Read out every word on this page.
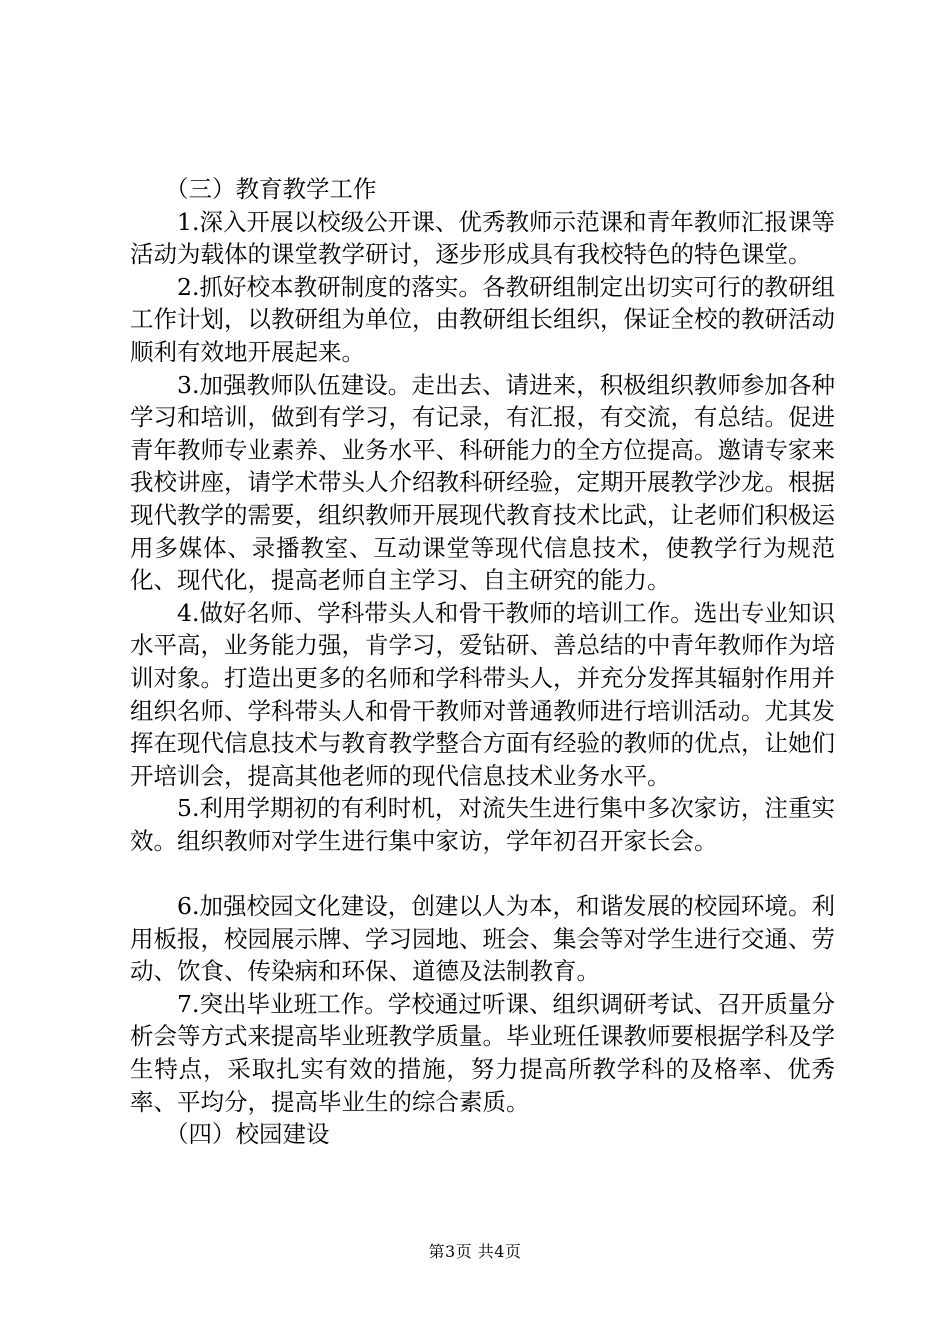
（三）教育教学工作

1.深入开展以校级公开课、优秀教师示范课和青年教师汇报课等活动为载体的课堂教学研讨，逐步形成具有我校特色的特色课堂。

2.抓好校本教研制度的落实。各教研组制定出切实可行的教研组工作计划，以教研组为单位，由教研组长组织，保证全校的教研活动顺利有效地开展起来。

3.加强教师队伍建设。走出去、请进来，积极组织教师参加各种学习和培训，做到有学习，有记录，有汇报，有交流，有总结。促进青年教师专业素养、业务水平、科研能力的全方位提高。邀请专家来我校讲座，请学术带头人介绍教科研经验，定期开展教学沙龙。根据现代教学的需要，组织教师开展现代教育技术比武，让老师们积极运用多媒体、录播教室、互动课堂等现代信息技术，使教学行为规范化、现代化，提高老师自主学习、自主研究的能力。

4.做好名师、学科带头人和骨干教师的培训工作。选出专业知识水平高，业务能力强，肯学习，爱钻研、善总结的中青年教师作为培训对象。打造出更多的名师和学科带头人，并充分发挥其辐射作用并组织名师、学科带头人和骨干教师对普通教师进行培训活动。尤其发挥在现代信息技术与教育教学整合方面有经验的教师的优点，让她们开培训会，提高其他老师的现代信息技术业务水平。

5.利用学期初的有利时机，对流失生进行集中多次家访，注重实效。组织教师对学生进行集中家访，学年初召开家长会。

6.加强校园文化建设，创建以人为本，和谐发展的校园环境。利用板报，校园展示牌、学习园地、班会、集会等对学生进行交通、劳动、饮食、传染病和环保、道德及法制教育。

7.突出毕业班工作。学校通过听课、组织调研考试、召开质量分析会等方式来提高毕业班教学质量。毕业班任课教师要根据学科及学生特点，采取扎实有效的措施，努力提高所教学科的及格率、优秀率、平均分，提高毕业生的综合素质。

（四）校园建设
第3页 共4页
